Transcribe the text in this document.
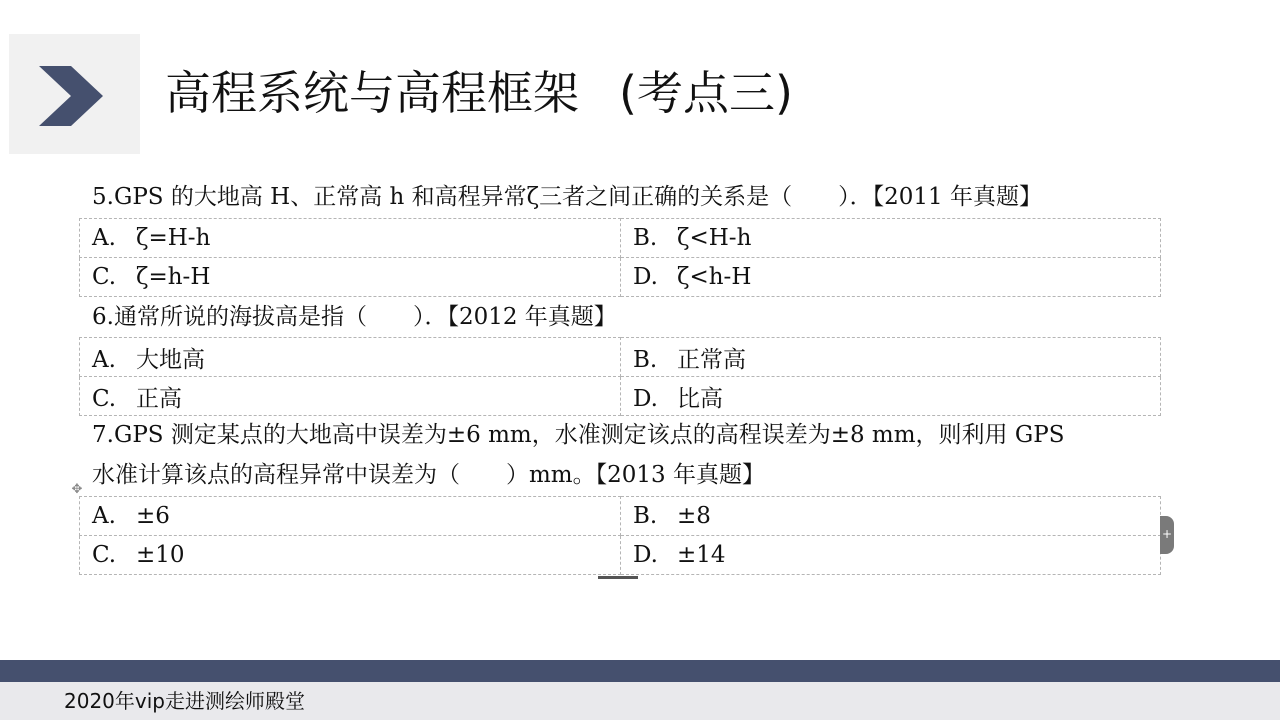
高程系统与高程框架 (考点三)
5.GPS 的大地高 H、正常高 h 和高程异常ζ三者之间正确的关系是（　　）．【2011 年真题】
A. ζ=H-h	B. ζ<H-h
C. ζ=h-H	D. ζ<h-H
6.通常所说的海拔高是指（　　）．【2012 年真题】
A. 大地高	B. 正常高
C. 正高	D. 比高
7.GPS 测定某点的大地高中误差为±6 mm，水准测定该点的高程误差为±8 mm，则利用 GPS
水准计算该点的高程异常中误差为（　　）mm。【2013 年真题】
✥
A. ±6	B. ±8
C. ±10	D. ±14
+
2020年vip走进测绘师殿堂
